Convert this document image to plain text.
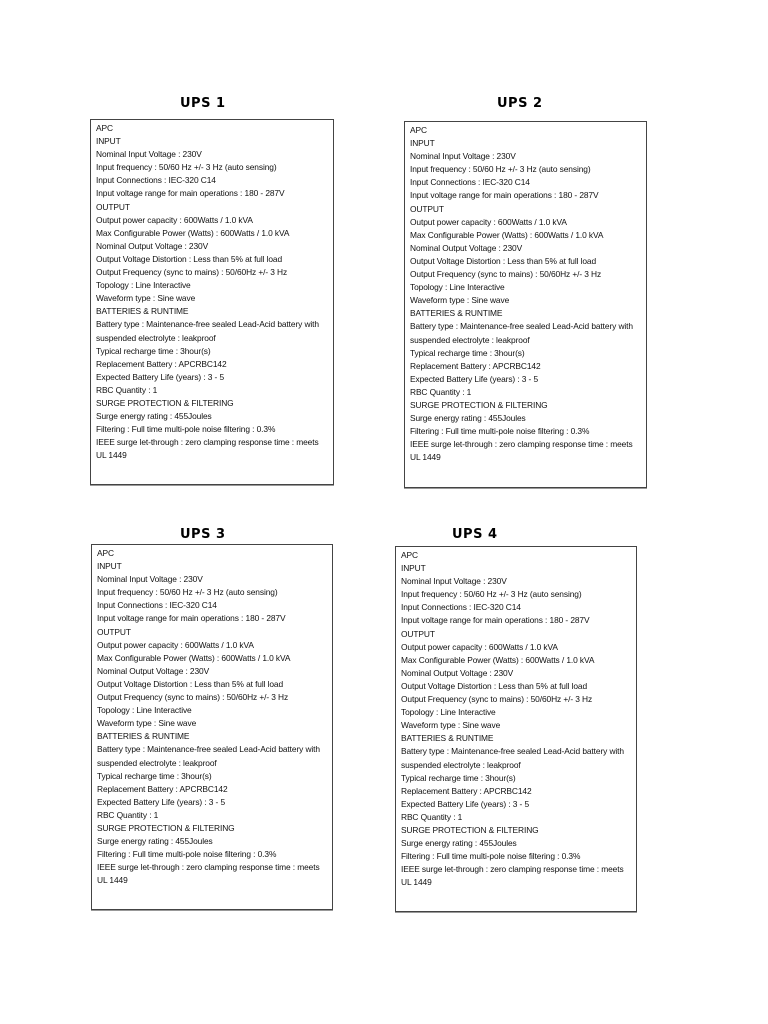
UPS 1	UPS 2
UPS 3	UPS 4
APC
INPUT
Nominal Input Voltage : 230V
Input frequency : 50/60 Hz +/- 3 Hz (auto sensing)
Input Connections : IEC-320 C14
Input voltage range for main operations : 180 - 287V
OUTPUT
Output power capacity : 600Watts / 1.0 kVA
Max Configurable Power (Watts) : 600Watts / 1.0 kVA
Nominal Output Voltage : 230V
Output Voltage Distortion : Less than 5% at full load
Output Frequency (sync to mains) : 50/60Hz +/- 3 Hz
Topology : Line Interactive
Waveform type : Sine wave
BATTERIES & RUNTIME
Battery type : Maintenance-free sealed Lead-Acid battery with suspended electrolyte : leakproof
Typical recharge time : 3hour(s)
Replacement Battery : APCRBC142
Expected Battery Life (years) : 3 - 5
RBC Quantity : 1
SURGE PROTECTION & FILTERING
Surge energy rating : 455Joules
Filtering : Full time multi-pole noise filtering : 0.3%
IEEE surge let-through : zero clamping response time : meets UL 1449
APC
INPUT
Nominal Input Voltage : 230V
Input frequency : 50/60 Hz +/- 3 Hz (auto sensing)
Input Connections : IEC-320 C14
Input voltage range for main operations : 180 - 287V
OUTPUT
Output power capacity : 600Watts / 1.0 kVA
Max Configurable Power (Watts) : 600Watts / 1.0 kVA
Nominal Output Voltage : 230V
Output Voltage Distortion : Less than 5% at full load
Output Frequency (sync to mains) : 50/60Hz +/- 3 Hz
Topology : Line Interactive
Waveform type : Sine wave
BATTERIES & RUNTIME
Battery type : Maintenance-free sealed Lead-Acid battery with suspended electrolyte : leakproof
Typical recharge time : 3hour(s)
Replacement Battery : APCRBC142
Expected Battery Life (years) : 3 - 5
RBC Quantity : 1
SURGE PROTECTION & FILTERING
Surge energy rating : 455Joules
Filtering : Full time multi-pole noise filtering : 0.3%
IEEE surge let-through : zero clamping response time : meets UL 1449
APC
INPUT
Nominal Input Voltage : 230V
Input frequency : 50/60 Hz +/- 3 Hz (auto sensing)
Input Connections : IEC-320 C14
Input voltage range for main operations : 180 - 287V
OUTPUT
Output power capacity : 600Watts / 1.0 kVA
Max Configurable Power (Watts) : 600Watts / 1.0 kVA
Nominal Output Voltage : 230V
Output Voltage Distortion : Less than 5% at full load
Output Frequency (sync to mains) : 50/60Hz +/- 3 Hz
Topology : Line Interactive
Waveform type : Sine wave
BATTERIES & RUNTIME
Battery type : Maintenance-free sealed Lead-Acid battery with suspended electrolyte : leakproof
Typical recharge time : 3hour(s)
Replacement Battery : APCRBC142
Expected Battery Life (years) : 3 - 5
RBC Quantity : 1
SURGE PROTECTION & FILTERING
Surge energy rating : 455Joules
Filtering : Full time multi-pole noise filtering : 0.3%
IEEE surge let-through : zero clamping response time : meets UL 1449
APC
INPUT
Nominal Input Voltage : 230V
Input frequency : 50/60 Hz +/- 3 Hz (auto sensing)
Input Connections : IEC-320 C14
Input voltage range for main operations : 180 - 287V
OUTPUT
Output power capacity : 600Watts / 1.0 kVA
Max Configurable Power (Watts) : 600Watts / 1.0 kVA
Nominal Output Voltage : 230V
Output Voltage Distortion : Less than 5% at full load
Output Frequency (sync to mains) : 50/60Hz +/- 3 Hz
Topology : Line Interactive
Waveform type : Sine wave
BATTERIES & RUNTIME
Battery type : Maintenance-free sealed Lead-Acid battery with suspended electrolyte : leakproof
Typical recharge time : 3hour(s)
Replacement Battery : APCRBC142
Expected Battery Life (years) : 3 - 5
RBC Quantity : 1
SURGE PROTECTION & FILTERING
Surge energy rating : 455Joules
Filtering : Full time multi-pole noise filtering : 0.3%
IEEE surge let-through : zero clamping response time : meets UL 1449
